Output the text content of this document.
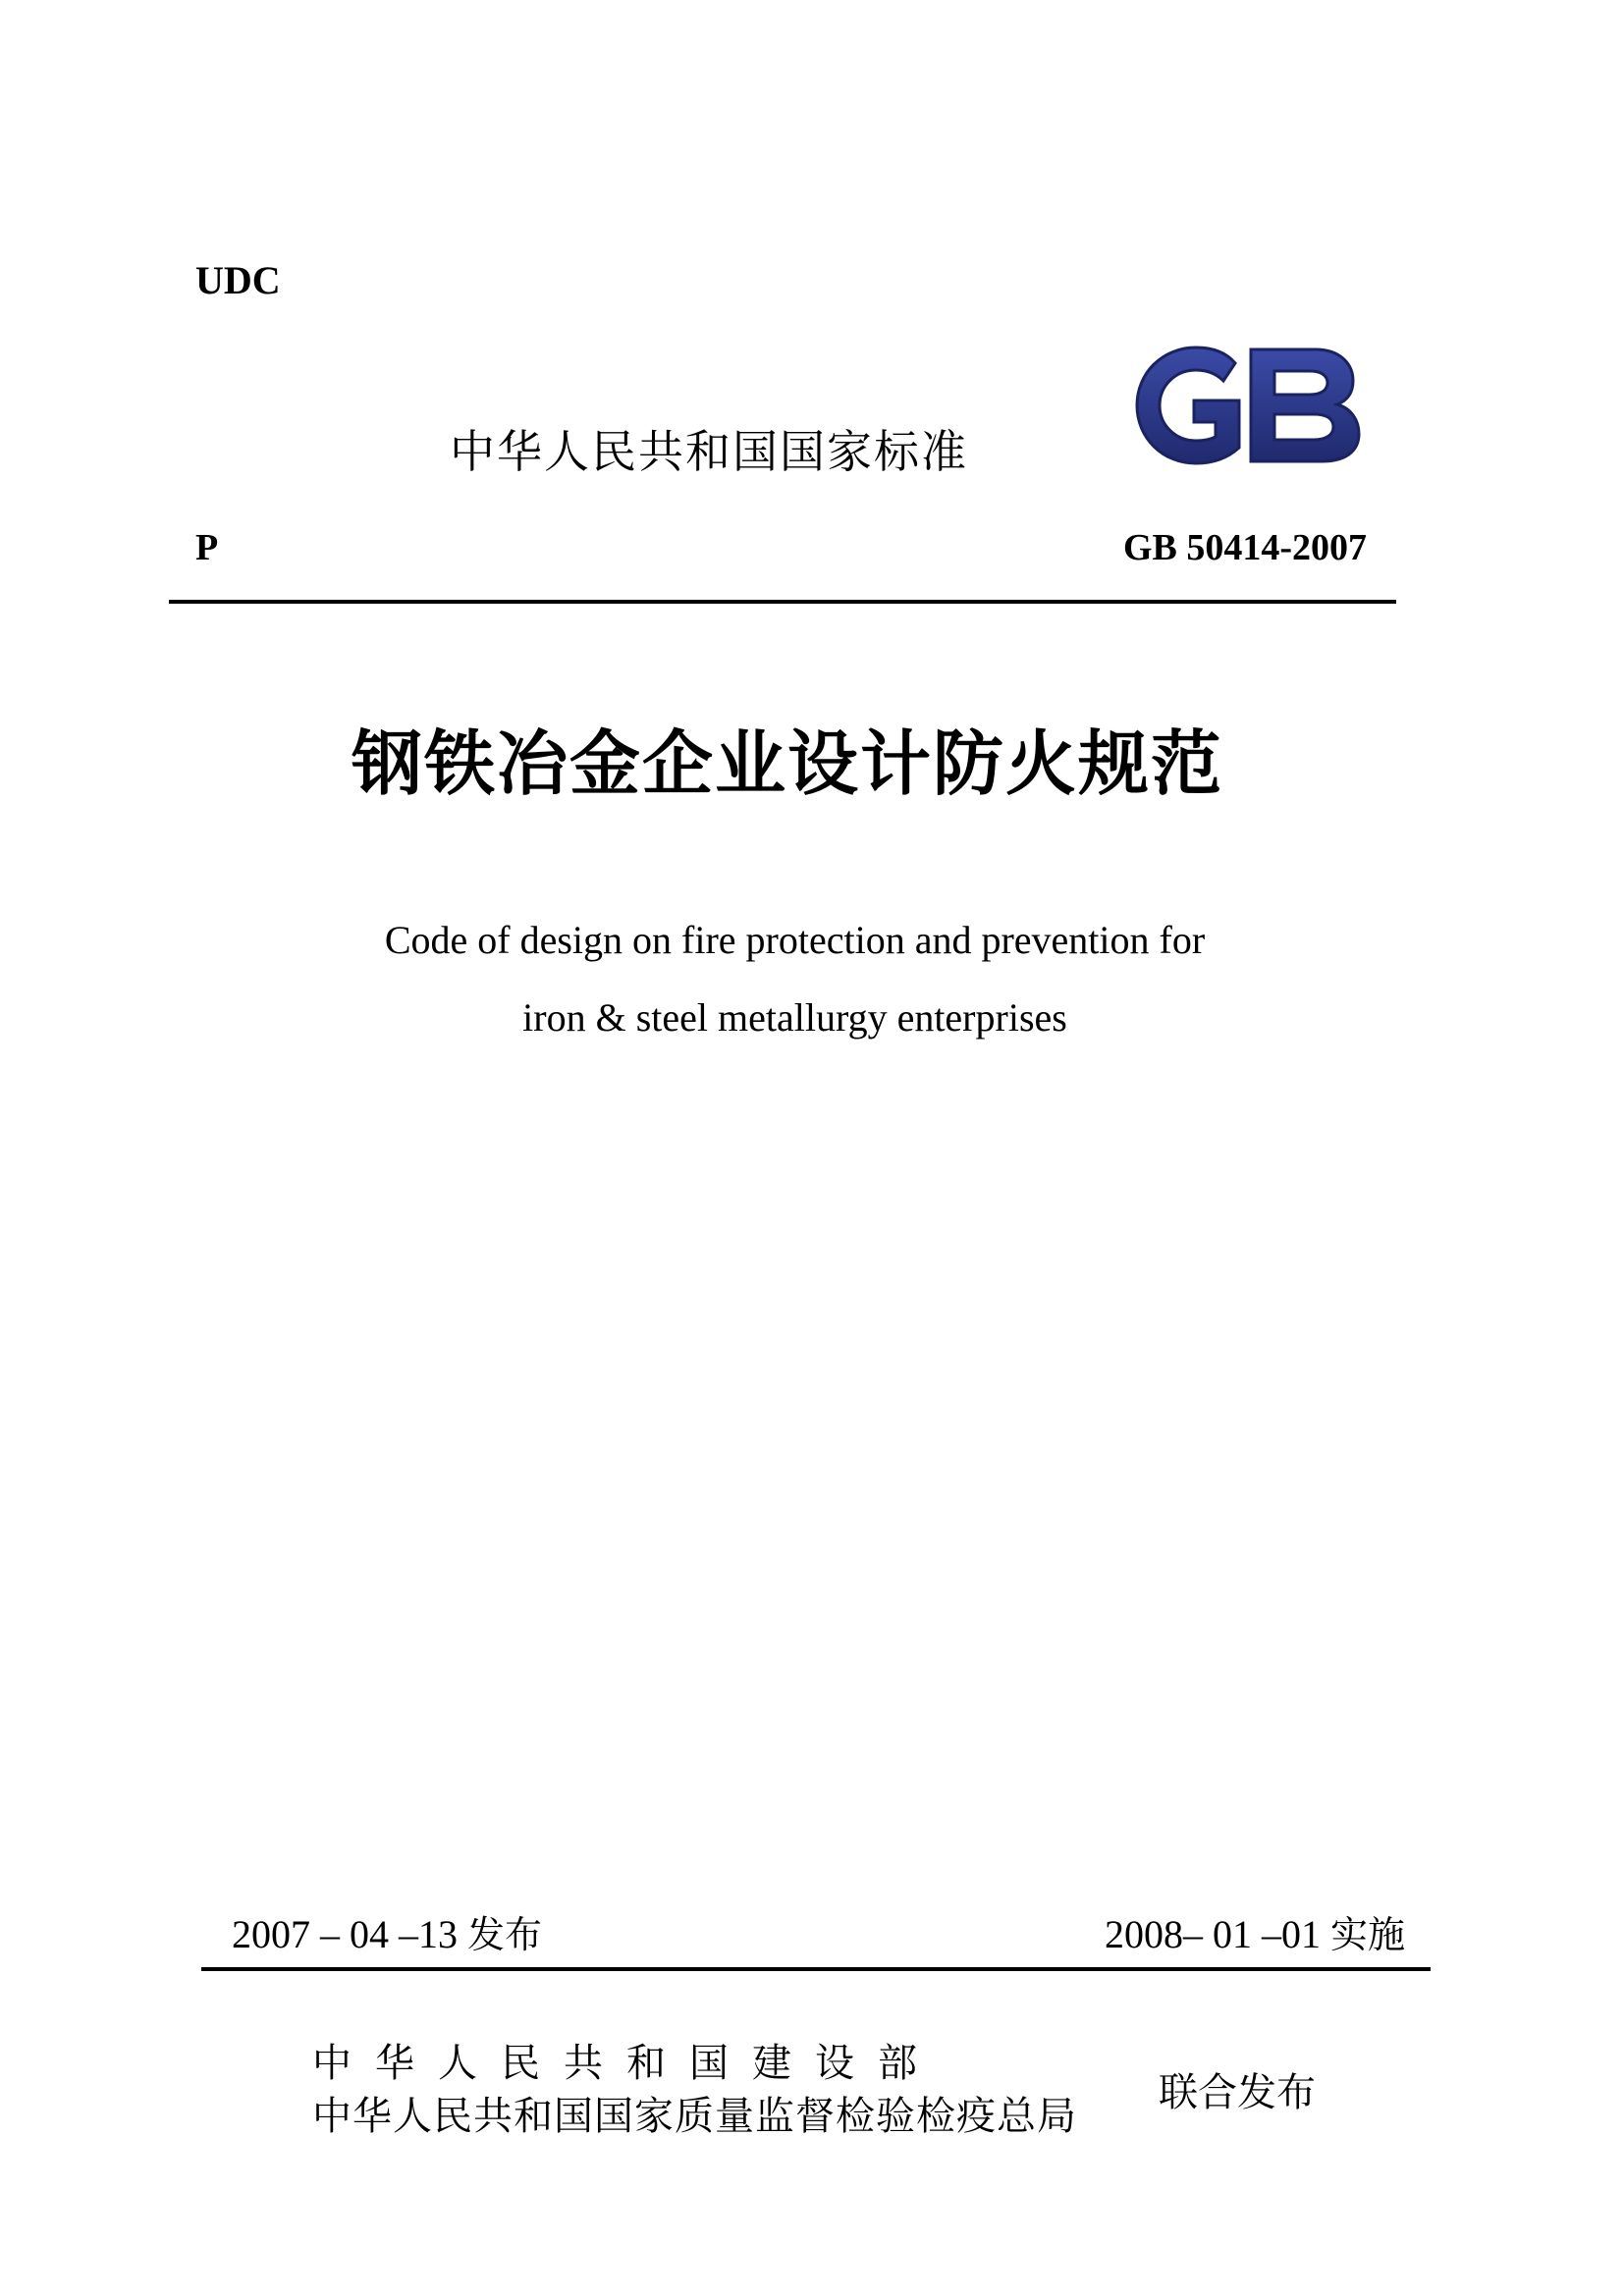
UDC
中华人民共和国国家标准
P	GB 50414-2007
钢铁冶金企业设计防火规范
Code of design on fire protection and prevention for
iron & steel metallurgy enterprises
2007 – 04 –13 发布	2008– 01 –01 实施
中华人民共和国建设部
中华人民共和国国家质量监督检验检疫总局
联合发布
